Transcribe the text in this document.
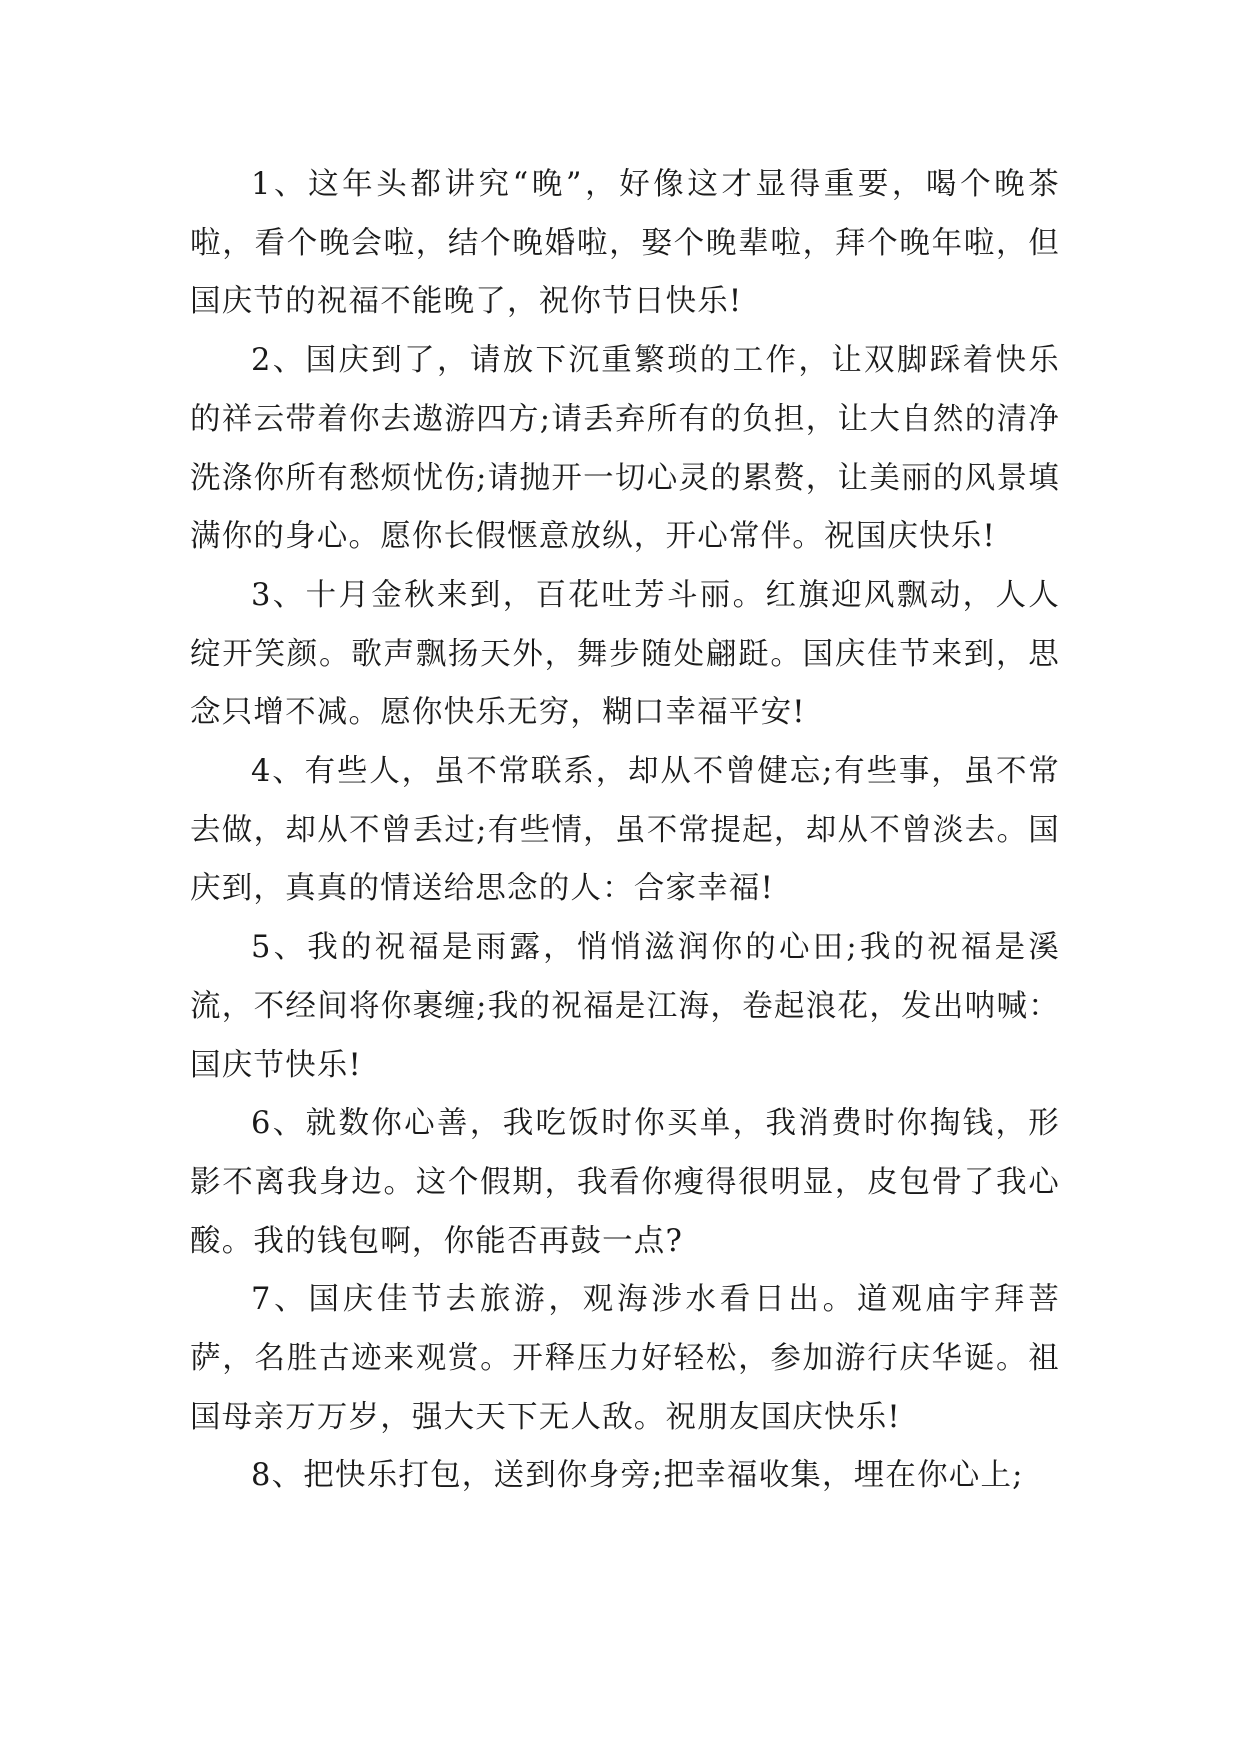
1、这年头都讲究“晚”，好像这才显得重要，喝个晚茶啦，看个晚会啦，结个晚婚啦，娶个晚辈啦，拜个晚年啦，但国庆节的祝福不能晚了，祝你节日快乐!

2、国庆到了，请放下沉重繁琐的工作，让双脚踩着快乐的祥云带着你去遨游四方;请丢弃所有的负担，让大自然的清净洗涤你所有愁烦忧伤;请抛开一切心灵的累赘，让美丽的风景填满你的身心。愿你长假惬意放纵，开心常伴。祝国庆快乐!

3、十月金秋来到，百花吐芳斗丽。红旗迎风飘动，人人绽开笑颜。歌声飘扬天外，舞步随处翩跹。国庆佳节来到，思念只增不减。愿你快乐无穷，糊口幸福平安!

4、有些人，虽不常联系，却从不曾健忘;有些事，虽不常去做，却从不曾丢过;有些情，虽不常提起，却从不曾淡去。国庆到，真真的情送给思念的人：合家幸福!

5、我的祝福是雨露，悄悄滋润你的心田;我的祝福是溪流，不经间将你裹缠;我的祝福是江海，卷起浪花，发出呐喊：国庆节快乐!

6、就数你心善，我吃饭时你买单，我消费时你掏钱，形影不离我身边。这个假期，我看你瘦得很明显，皮包骨了我心酸。我的钱包啊，你能否再鼓一点?

7、国庆佳节去旅游，观海涉水看日出。道观庙宇拜菩萨，名胜古迹来观赏。开释压力好轻松，参加游行庆华诞。祖国母亲万万岁，强大天下无人敌。祝朋友国庆快乐!

8、把快乐打包，送到你身旁;把幸福收集，埋在你心上;
